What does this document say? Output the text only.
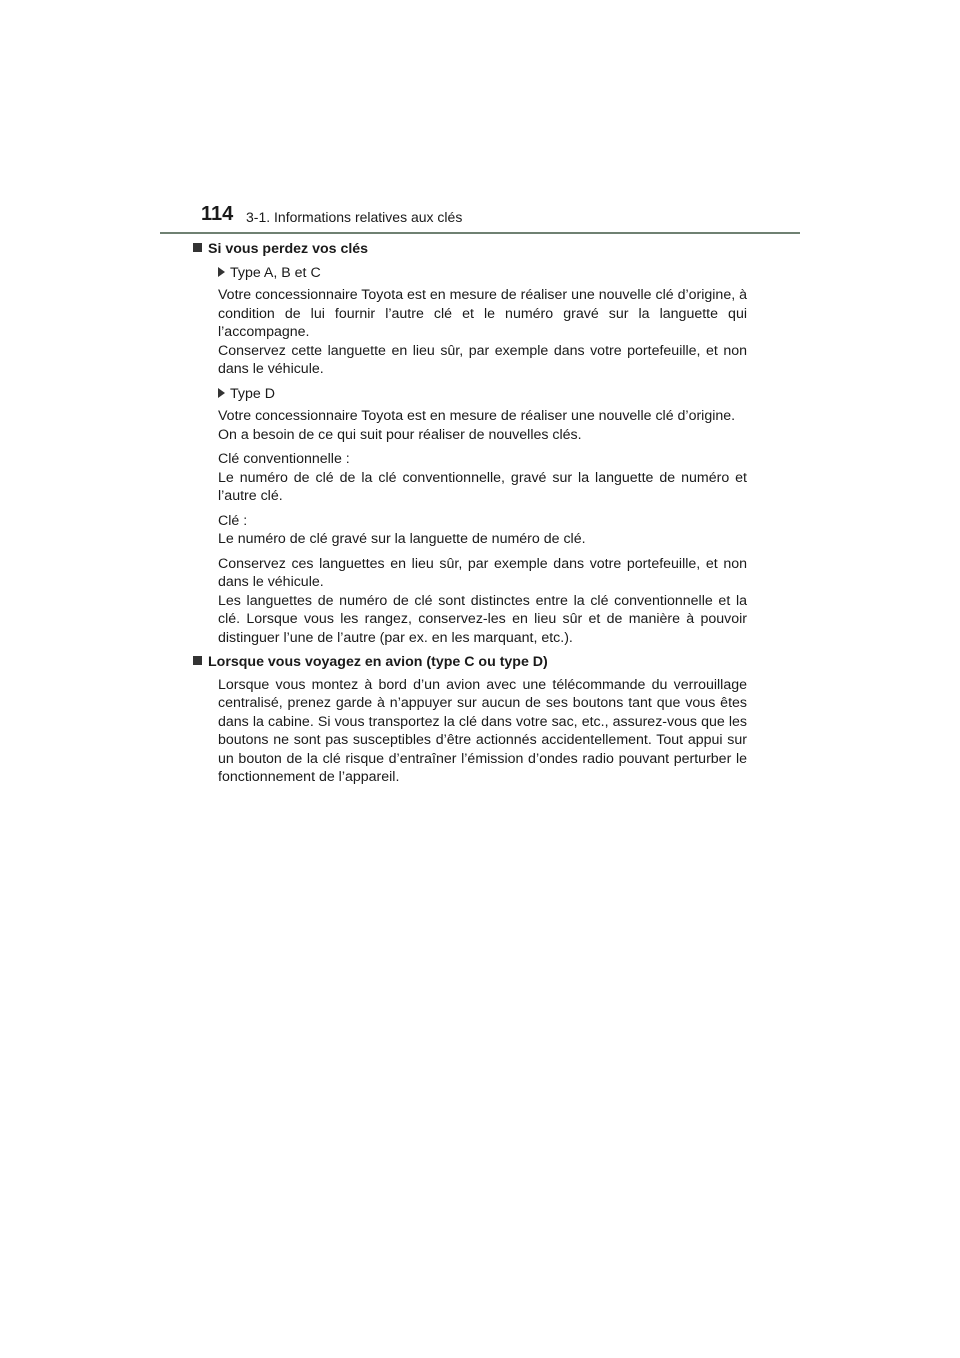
114 3-1. Informations relatives aux clés
Si vous perdez vos clés
Type A, B et C
Votre concessionnaire Toyota est en mesure de réaliser une nouvelle clé d’origine, à condition de lui fournir l’autre clé et le numéro gravé sur la languette qui l’accompagne.
Conservez cette languette en lieu sûr, par exemple dans votre portefeuille, et non dans le véhicule.
Type D
Votre concessionnaire Toyota est en mesure de réaliser une nouvelle clé d’origine.
On a besoin de ce qui suit pour réaliser de nouvelles clés.
Clé conventionnelle :
Le numéro de clé de la clé conventionnelle, gravé sur la languette de numéro et l’autre clé.
Clé :
Le numéro de clé gravé sur la languette de numéro de clé.
Conservez ces languettes en lieu sûr, par exemple dans votre portefeuille, et non dans le véhicule.
Les languettes de numéro de clé sont distinctes entre la clé conventionnelle et la clé. Lorsque vous les rangez, conservez-les en lieu sûr et de manière à pouvoir distinguer l’une de l’autre (par ex. en les marquant, etc.).
Lorsque vous voyagez en avion (type C ou type D)
Lorsque vous montez à bord d’un avion avec une télécommande du verrouillage centralisé, prenez garde à n’appuyer sur aucun de ses boutons tant que vous êtes dans la cabine. Si vous transportez la clé dans votre sac, etc., assurez-vous que les boutons ne sont pas susceptibles d’être actionnés accidentellement. Tout appui sur un bouton de la clé risque d’entraîner l’émission d’ondes radio pouvant perturber le fonctionnement de l’appareil.
